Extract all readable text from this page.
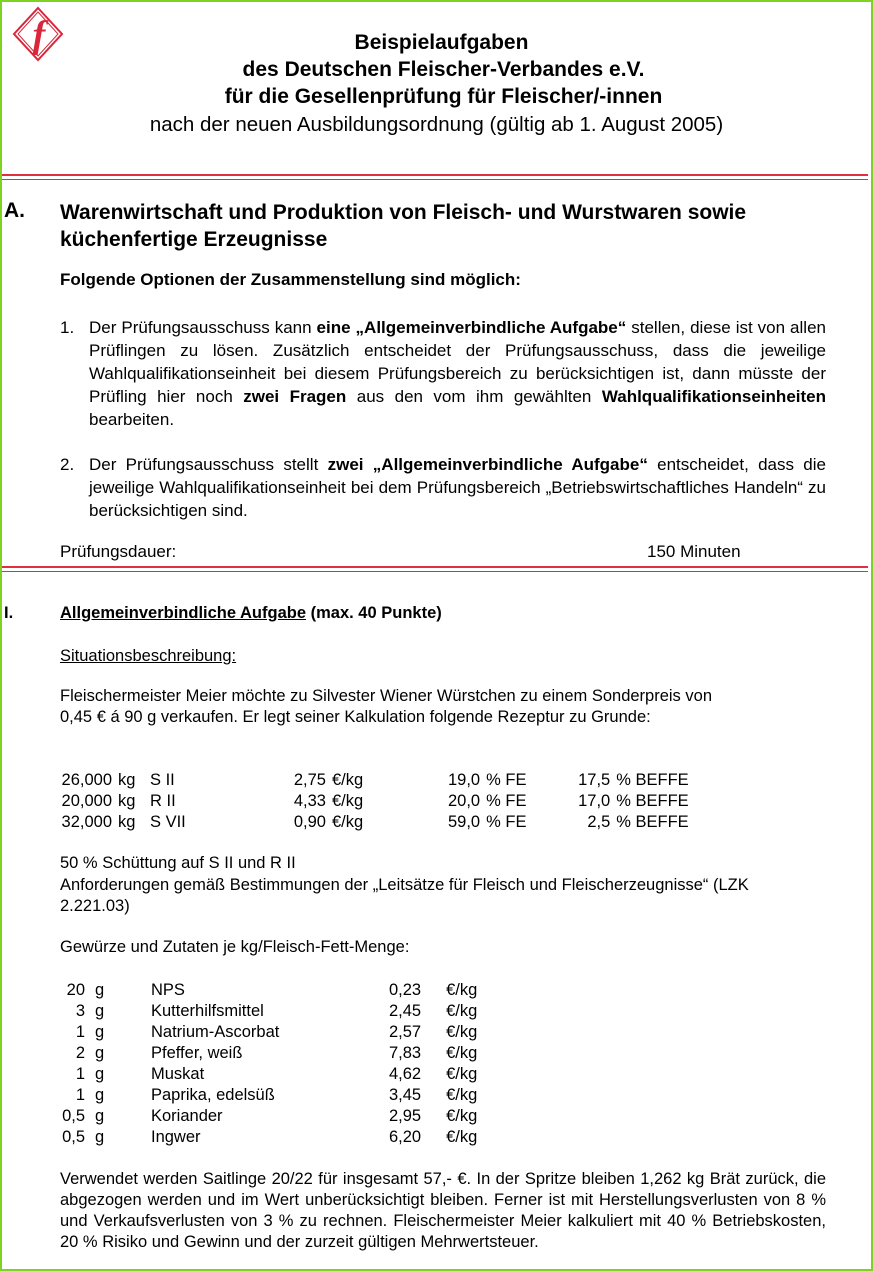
f	Beispielaufgaben
des Deutschen Fleischer-Verbandes e.V.
für die Gesellenprüfung für Fleischer/-innen
nach der neuen Ausbildungsordnung (gültig ab 1. August 2005)
A. Warenwirtschaft und Produktion von Fleisch- und Wurstwaren sowie küchenfertige Erzeugnisse
Folgende Optionen der Zusammenstellung sind möglich:
1. Der Prüfungsausschuss kann eine „Allgemeinverbindliche Aufgabe“ stellen, diese ist von allen Prüflingen zu lösen. Zusätzlich entscheidet der Prüfungsausschuss, dass die jeweilige Wahlqualifikationseinheit bei diesem Prüfungsbereich zu berücksichtigen ist, dann müsste der Prüfling hier noch zwei Fragen aus den vom ihm gewählten Wahlqualifikationseinheiten bearbeiten.
2. Der Prüfungsausschuss stellt zwei „Allgemeinverbindliche Aufgabe“ entscheidet, dass die jeweilige Wahlqualifikationseinheit bei dem Prüfungsbereich „Betriebswirtschaftliches Handeln“ zu berücksichtigen sind.
Prüfungsdauer:	150 Minuten
I.	Allgemeinverbindliche Aufgabe (max. 40 Punkte)
Situationsbeschreibung:
Fleischermeister Meier möchte zu Silvester Wiener Würstchen zu einem Sonderpreis von
0,45 € á 90 g verkaufen. Er legt seiner Kalkulation folgende Rezeptur zu Grunde:
26,000	kg	S II	2,75	€/kg	19,0	% FE	17,5	% BEFFE
20,000	kg	R II	4,33	€/kg	20,0	% FE	17,0	% BEFFE
32,000	kg	S VII	0,90	€/kg	59,0	% FE	2,5	% BEFFE
50 % Schüttung auf S II und R II
Anforderungen gemäß Bestimmungen der „Leitsätze für Fleisch und Fleischerzeugnisse“ (LZK
2.221.03)
Gewürze und Zutaten je kg/Fleisch-Fett-Menge:
20	g	NPS	0,23	€/kg
3	g	Kutterhilfsmittel	2,45	€/kg
1	g	Natrium-Ascorbat	2,57	€/kg
2	g	Pfeffer, weiß	7,83	€/kg
1	g	Muskat	4,62	€/kg
1	g	Paprika, edelsüß	3,45	€/kg
0,5	g	Koriander	2,95	€/kg
0,5	g	Ingwer	6,20	€/kg
Verwendet werden Saitlinge 20/22 für insgesamt 57,- €. In der Spritze bleiben 1,262 kg Brät zurück, die abgezogen werden und im Wert unberücksichtigt bleiben. Ferner ist mit Herstellungsverlusten von 8 % und Verkaufsverlusten von 3 % zu rechnen. Fleischermeister Meier kalkuliert mit 40 % Betriebskosten, 20 % Risiko und Gewinn und der zurzeit gültigen Mehrwertsteuer.
